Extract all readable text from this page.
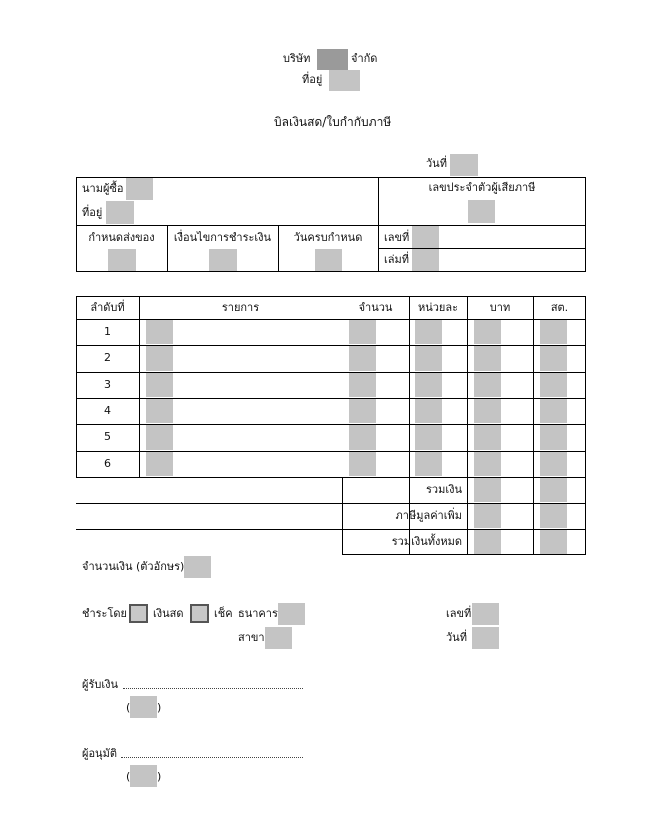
บริษัท	จำกัด
ที่อยู่
บิลเงินสด/ใบกำกับภาษี
วันที่
นามผู้ซื้อ
ที่อยู่
เลขประจำตัวผู้เสียภาษี
กำหนดส่งของ	เงื่อนไขการชำระเงิน	วันครบกำหนด	เลขที่
เล่มที่
ลำดับที่	รายการ	จำนวน	หน่วยละ	บาท	สต.
1
2
3
4
5
6
รวมเงิน
ภาษีมูลค่าเพิ่ม
รวมเงินทั้งหมด
จำนวนเงิน (ตัวอักษร)
ชำระโดย เงินสด	เช็ค ธนาคาร
สาขา
เลขที่
วันที่
ผู้รับเงิน
( )
ผู้อนุมัติ
( )
